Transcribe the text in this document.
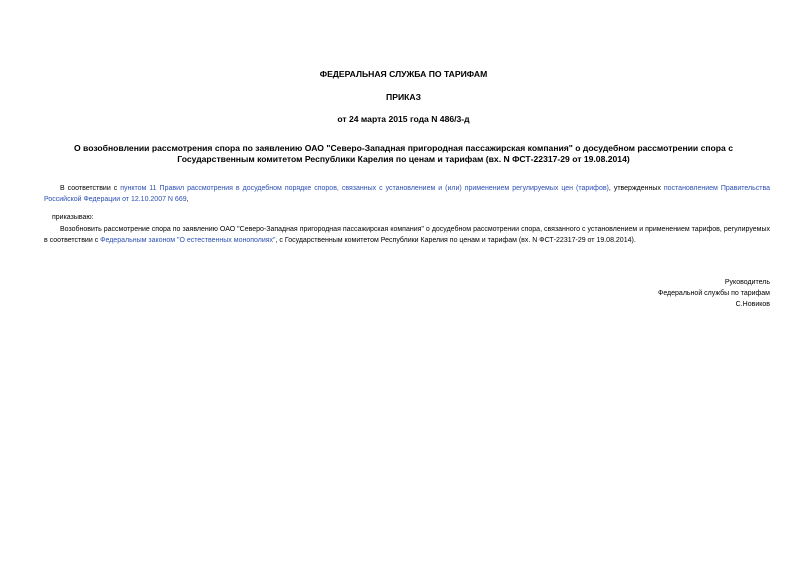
ФЕДЕРАЛЬНАЯ СЛУЖБА ПО ТАРИФАМ
ПРИКАЗ
от 24 марта 2015 года N 486/3-д
О возобновлении рассмотрения спора по заявлению ОАО "Северо-Западная пригородная пассажирская компания" о досудебном рассмотрении спора с Государственным комитетом Республики Карелия по ценам и тарифам (вх. N ФСТ-22317-29 от 19.08.2014)
В соответствии с пунктом 11 Правил рассмотрения в досудебном порядке споров, связанных с установлением и (или) применением регулируемых цен (тарифов), утвержденных постановлением Правительства Российской Федерации от 12.10.2007 N 669,
приказываю:
Возобновить рассмотрение спора по заявлению ОАО "Северо-Западная пригородная пассажирская компания" о досудебном рассмотрении спора, связанного с установлением и применением тарифов, регулируемых в соответствии с Федеральным законом "О естественных монополиях", с Государственным комитетом Республики Карелия по ценам и тарифам (вх. N ФСТ-22317-29 от 19.08.2014).
Руководитель
Федеральной службы по тарифам
С.Новиков
